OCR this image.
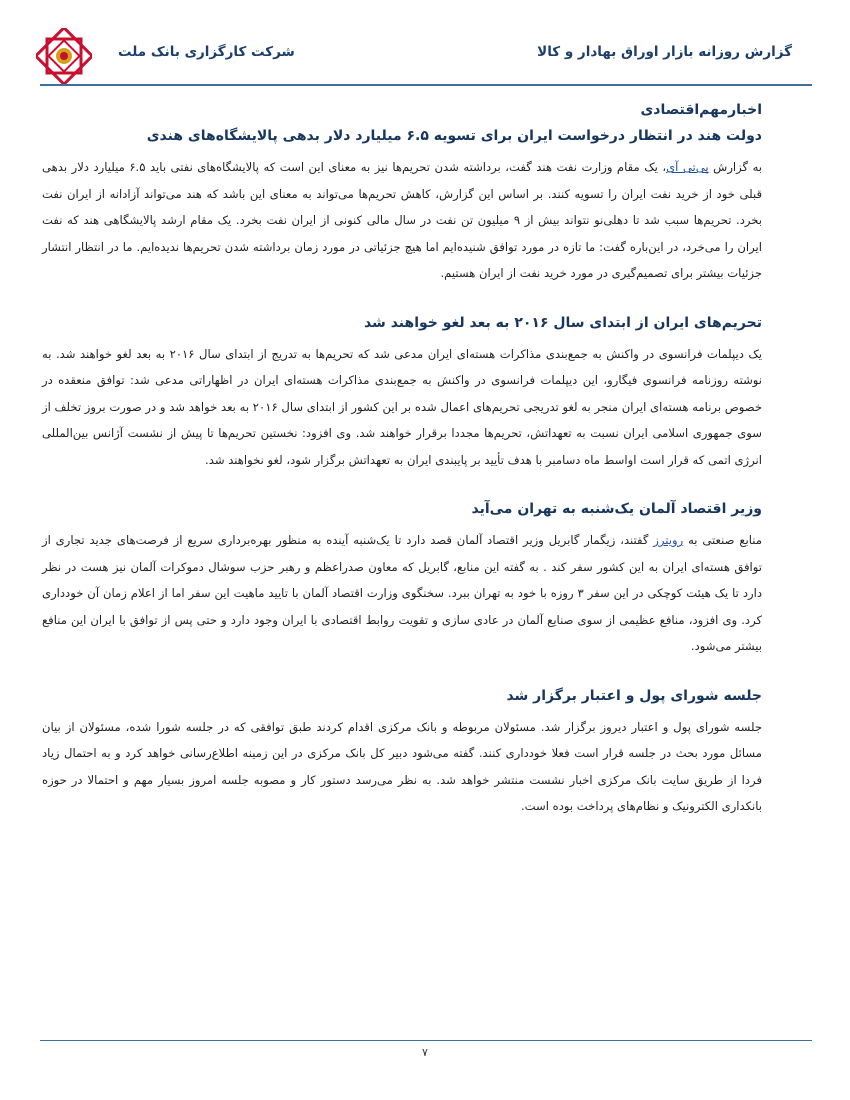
شرکت کارگزاری بانک ملت	گزارش روزانه بازار اوراق بهادار و کالا
اخبارمهم‌اقتصادی
دولت هند در انتظار درخواست ایران برای تسویه ۶.۵ میلیارد دلار بدهی پالایشگاه‌های هندی

به گزارش پی‌تی آی، یک مقام وزارت نفت هند گفت، برداشته شدن تحریم‌ها نیز به معنای این است که پالایشگاه‌های نفتی باید ۶.۵ میلیارد دلار بدهی قبلی خود از خرید نفت ایران را تسویه کنند. بر اساس این گزارش، کاهش تحریم‌ها می‌تواند به معنای این باشد که هند می‌تواند آزادانه از ایران نفت بخرد. تحریم‌ها سبب شد تا دهلی‌نو نتواند بیش از ۹ میلیون تن نفت در سال مالی کنونی از ایران نفت بخرد. یک مقام ارشد پالایشگاهی هند که نفت ایران را می‌خرد، در این‌باره گفت: ما تازه در مورد توافق شنیده‌ایم اما هیچ جزئیاتی در مورد زمان برداشته شدن تحریم‌ها ندیده‌ایم. ما در انتظار انتشار جزئیات بیشتر برای تصمیم‌گیری در مورد خرید نفت از ایران هستیم.

تحریم‌های ایران از ابتدای سال ۲۰۱۶ به بعد لغو خواهند شد

یک دیپلمات فرانسوی در واکنش به جمع‌بندی مذاکرات هسته‌ای ایران مدعی شد که تحریم‌ها به تدریج از ابتدای سال ۲۰۱۶ به بعد لغو خواهند شد. به نوشته روزنامه فرانسوی فیگارو، این دیپلمات فرانسوی در واکنش به جمع‌بندی مذاکرات هسته‌ای ایران در اظهاراتی مدعی شد: توافق منعقده در خصوص برنامه هسته‌ای ایران منجر به لغو تدریجی تحریم‌های اعمال شده بر این کشور از ابتدای سال ۲۰۱۶ به بعد خواهد شد و در صورت بروز تخلف از سوی جمهوری اسلامی ایران نسبت به تعهداتش، تحریم‌ها مجددا برقرار خواهند شد. وی افزود: نخستین تحریم‌ها تا پیش از نشست آژانس بین‌المللی انرژی اتمی که قرار است اواسط ماه دسامبر با هدف تأیید بر پایبندی ایران به تعهداتش برگزار شود، لغو نخواهند شد.

وزیر اقتصاد آلمان یک‌شنبه به تهران می‌آید

منابع صنعتی به رویترز گفتند، زیگمار گابریل وزیر اقتصاد آلمان قصد دارد تا یک‌شنبه آینده به منظور بهره‌برداری سریع از فرصت‌های جدید تجاری از توافق هسته‌ای ایران به این کشور سفر کند . به گفته این منابع، گابریل که معاون صدراعظم و رهبر حزب سوشال دموکرات آلمان نیز هست در نظر دارد تا یک هیئت کوچکی در این سفر ۳ روزه با خود به تهران ببرد. سخنگوی وزارت اقتصاد آلمان با تایید ماهیت این سفر اما از اعلام زمان آن خودداری کرد. وی افزود، منافع عظیمی از سوی صنایع آلمان در عادی سازی و تقویت روابط اقتصادی با ایران وجود دارد و حتی پس از توافق با ایران این منافع بیشتر می‌شود.

جلسه شورای پول و اعتبار برگزار شد

جلسه شورای پول و اعتبار دیروز برگزار شد. مسئولان مربوطه و بانک مرکزی اقدام کردند طبق توافقی که در جلسه شورا شده، مسئولان از بیان مسائل مورد بحث در جلسه قرار است فعلا خودداری کنند. گفته می‌شود دبیر کل بانک مرکزی در این زمینه اطلاع‌رسانی خواهد کرد و به احتمال زیاد فردا از طریق سایت بانک مرکزی اخبار نشست منتشر خواهد شد. به نظر می‌رسد دستور کار و مصوبه جلسه امروز بسیار مهم و احتمالا در حوزه بانکداری الکترونیک و نظام‌های پرداخت بوده است.

۷
